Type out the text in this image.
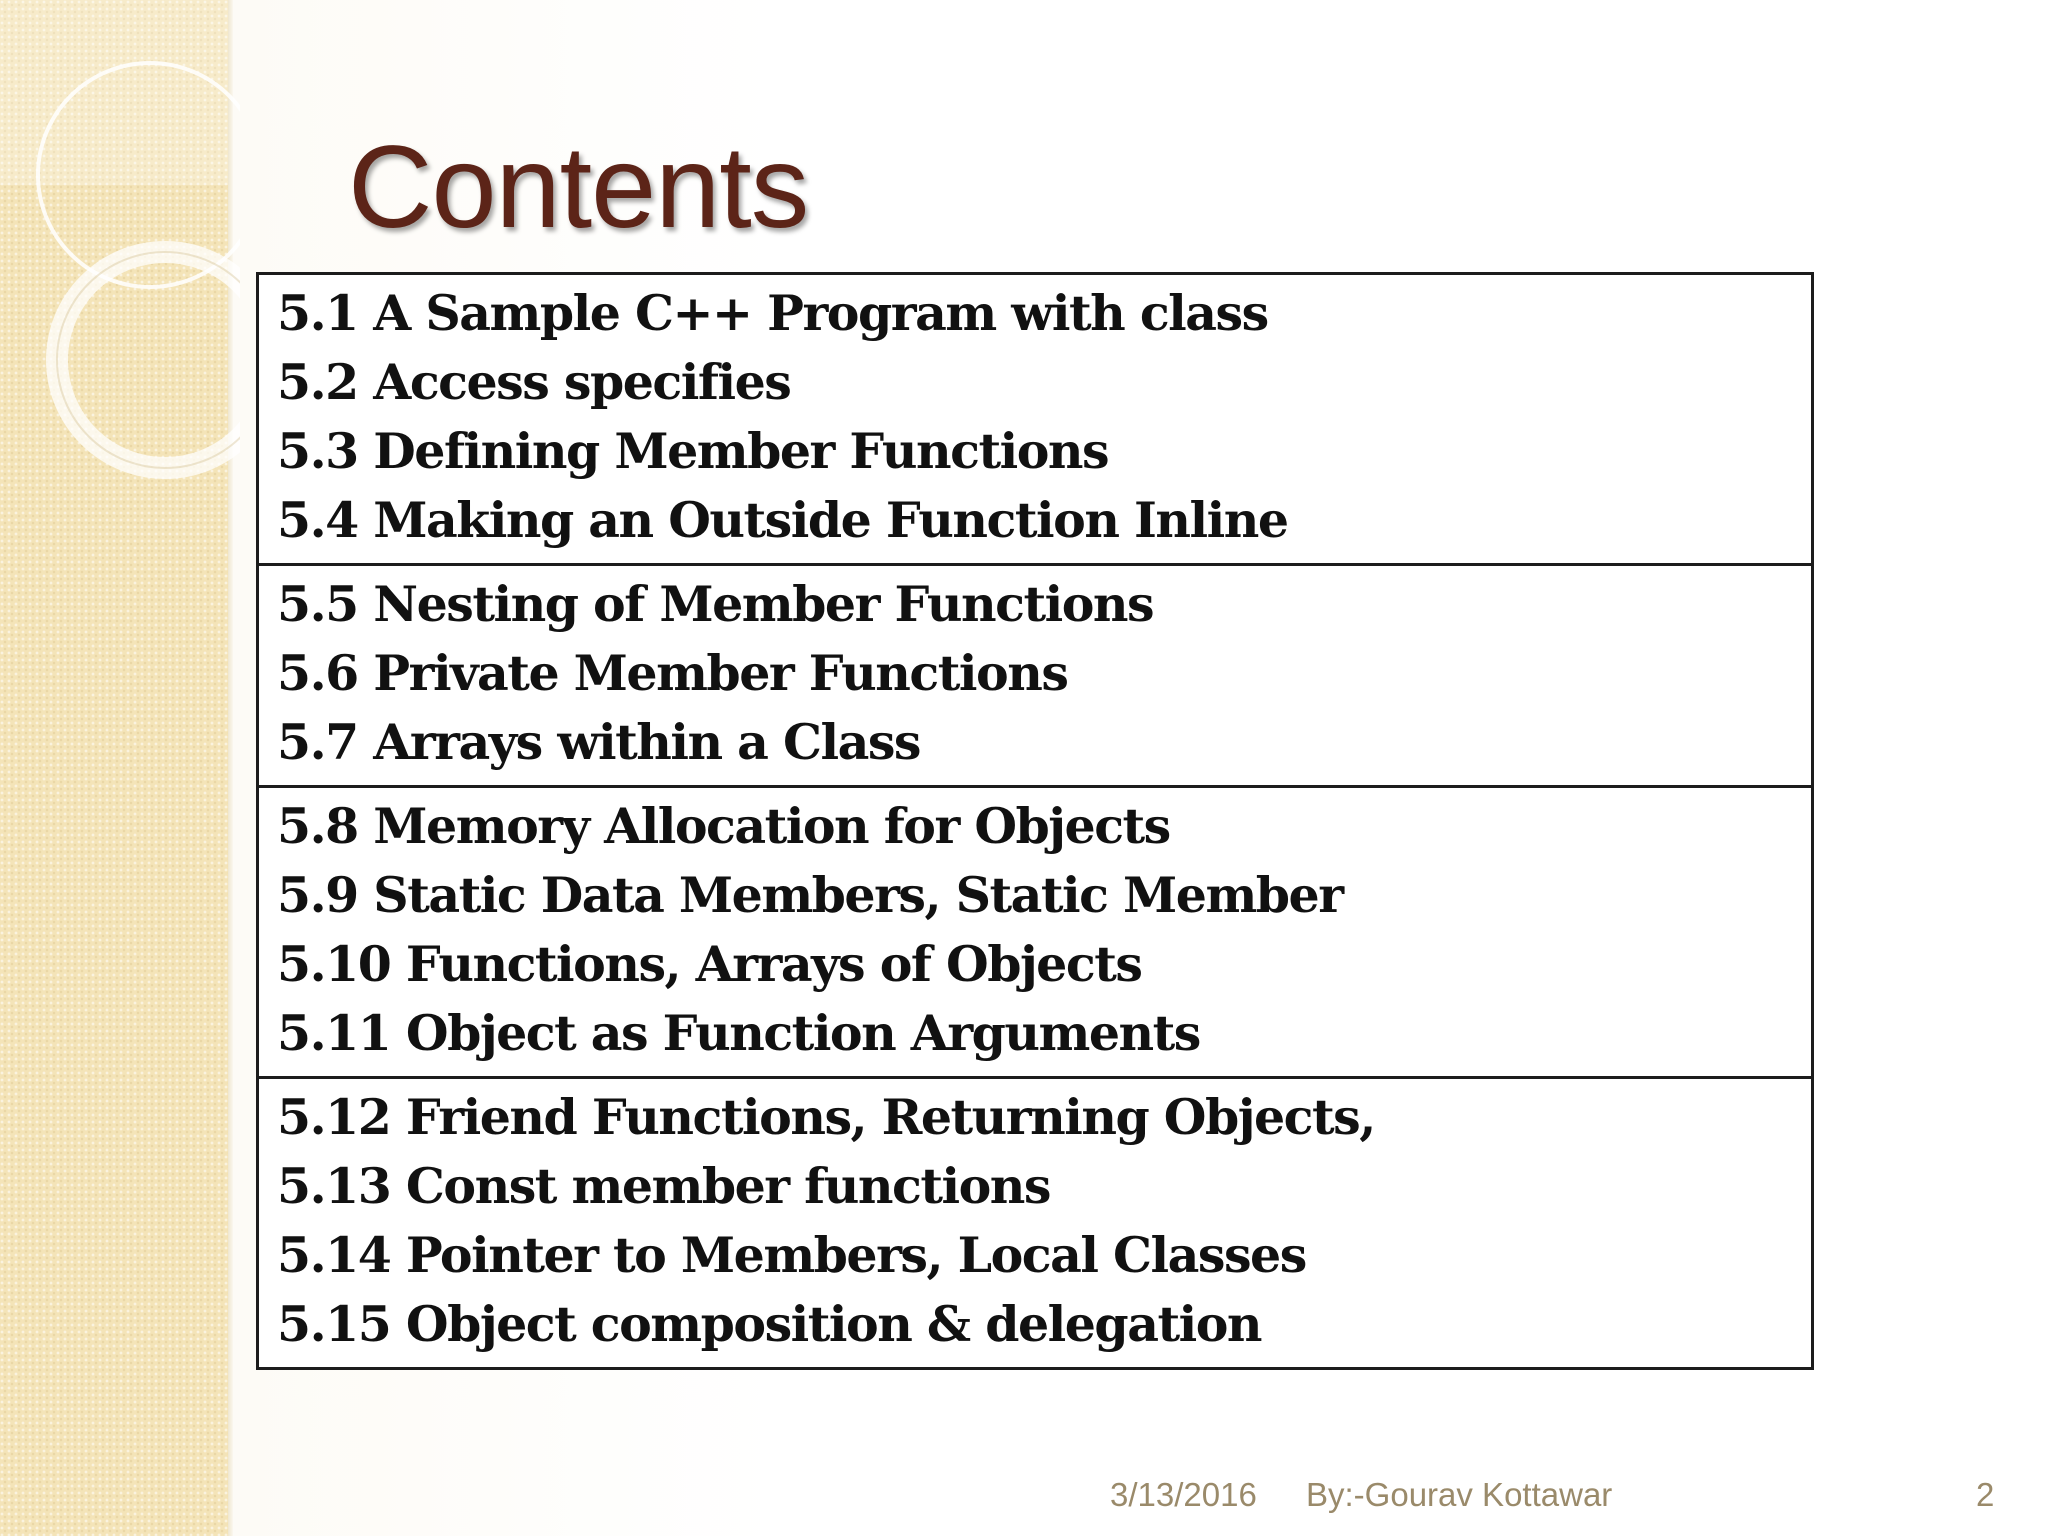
Contents
5.1 A Sample C++ Program with class
5.2 Access specifies
5.3 Defining Member Functions
5.4 Making an Outside Function Inline
5.5 Nesting of Member Functions
5.6 Private Member Functions
5.7 Arrays within a Class
5.8 Memory Allocation for Objects
5.9 Static Data Members, Static Member
5.10 Functions, Arrays of Objects
5.11 Object as Function Arguments
5.12 Friend Functions, Returning Objects,
5.13 Const member functions
5.14 Pointer to Members, Local Classes
5.15 Object composition & delegation
3/13/2016 By:-Gourav Kottawar	2
